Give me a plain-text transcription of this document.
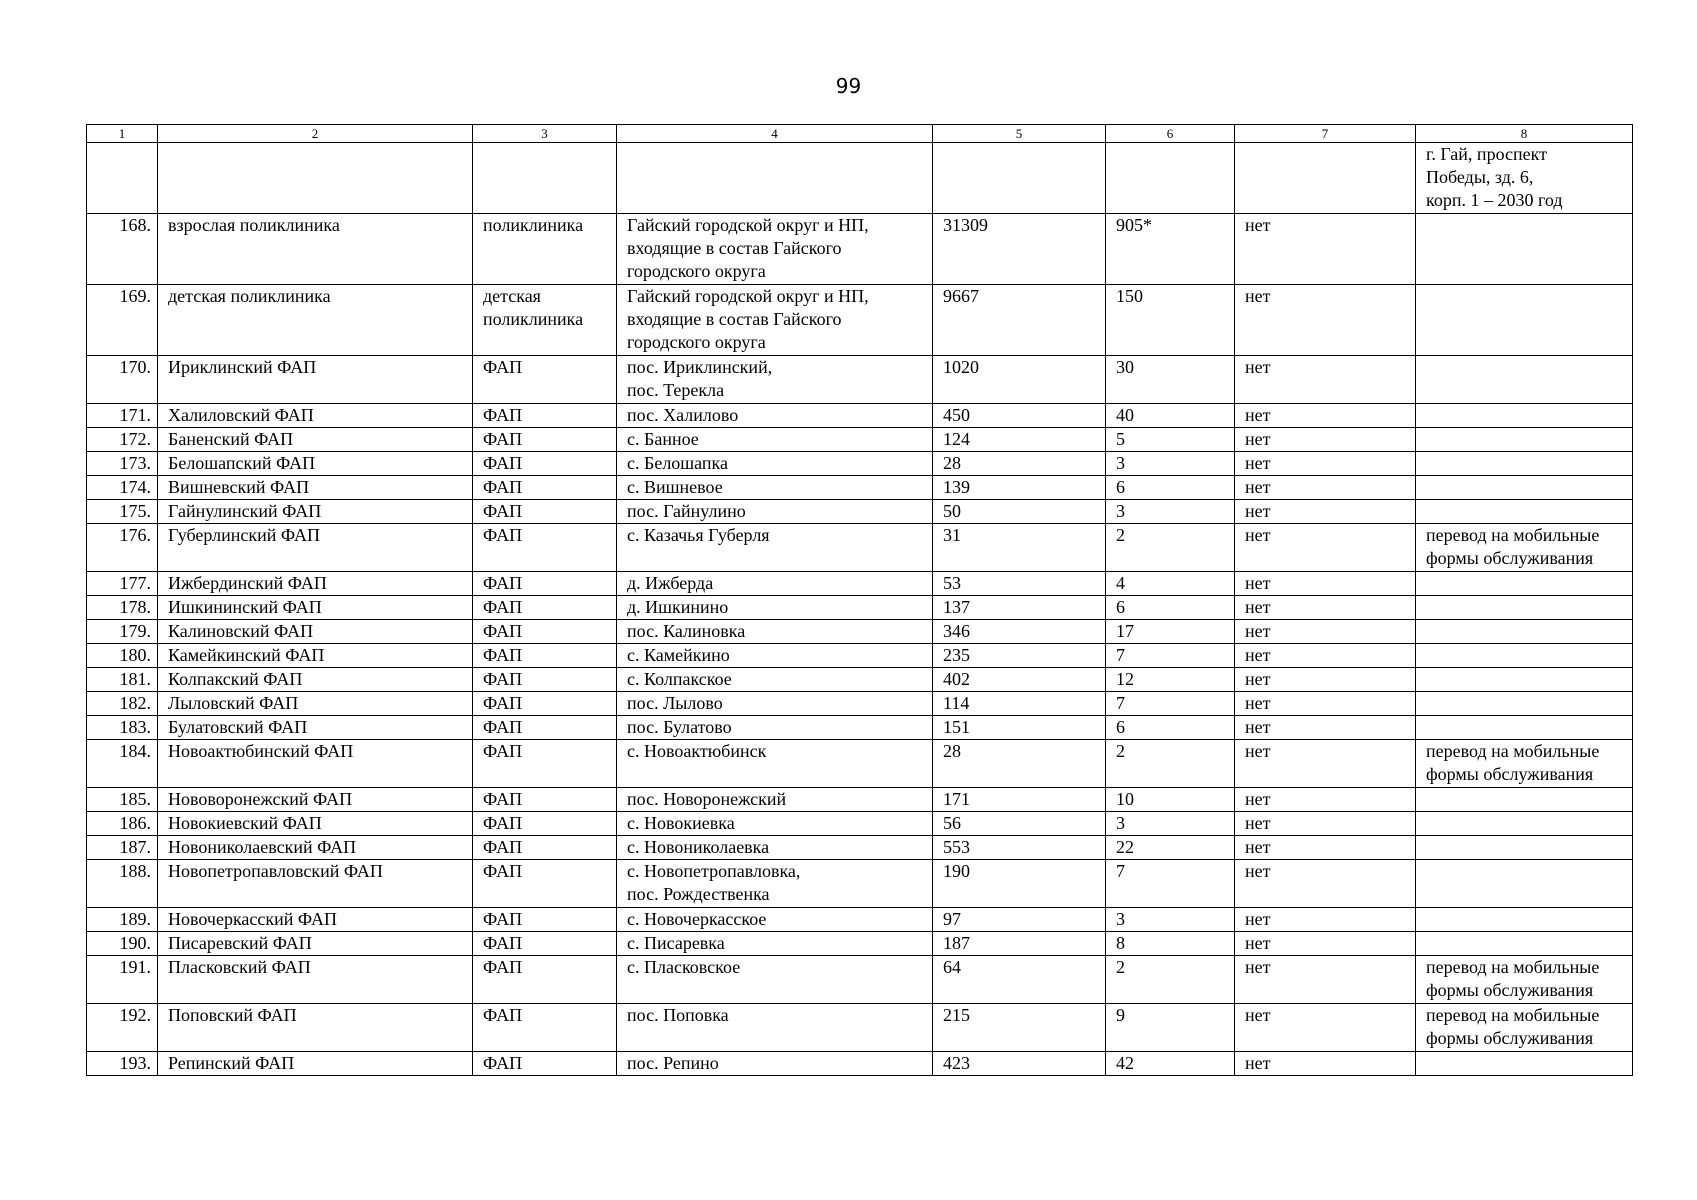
99
1	2	3	4	5	6	7	8
							г. Гай, проспект
Победы, зд. 6,
корп. 1 – 2030 год
168.	взрослая поликлиника	поликлиника	Гайский городской округ и НП,
входящие в состав Гайского
городского округа	31309	905*	нет	
169.	детская поликлиника	детская
поликлиника	Гайский городской округ и НП,
входящие в состав Гайского
городского округа	9667	150	нет	
170.	Ириклинский ФАП	ФАП	пос. Ириклинский,
пос. Терекла	1020	30	нет	
171.	Халиловский ФАП	ФАП	пос. Халилово	450	40	нет	
172.	Баненский ФАП	ФАП	с. Банное	124	5	нет	
173.	Белошапский ФАП	ФАП	с. Белошапка	28	3	нет	
174.	Вишневский ФАП	ФАП	с. Вишневое	139	6	нет	
175.	Гайнулинский ФАП	ФАП	пос. Гайнулино	50	3	нет	
176.	Губерлинский ФАП	ФАП	с. Казачья Губерля	31	2	нет	перевод на мобильные
формы обслуживания
177.	Ижбердинский ФАП	ФАП	д. Ижберда	53	4	нет	
178.	Ишкининский ФАП	ФАП	д. Ишкинино	137	6	нет	
179.	Калиновский ФАП	ФАП	пос. Калиновка	346	17	нет	
180.	Камейкинский ФАП	ФАП	с. Камейкино	235	7	нет	
181.	Колпакский ФАП	ФАП	с. Колпакское	402	12	нет	
182.	Лыловский ФАП	ФАП	пос. Лылово	114	7	нет	
183.	Булатовский ФАП	ФАП	пос. Булатово	151	6	нет	
184.	Новоактюбинский ФАП	ФАП	с. Новоактюбинск	28	2	нет	перевод на мобильные
формы обслуживания
185.	Нововоронежский ФАП	ФАП	пос. Новоронежский	171	10	нет	
186.	Новокиевский ФАП	ФАП	с. Новокиевка	56	3	нет	
187.	Новониколаевский ФАП	ФАП	с. Новониколаевка	553	22	нет	
188.	Новопетропавловский ФАП	ФАП	с. Новопетропавловка,
пос. Рождественка	190	7	нет	
189.	Новочеркасский ФАП	ФАП	с. Новочеркасское	97	3	нет	
190.	Писаревский ФАП	ФАП	с. Писаревка	187	8	нет	
191.	Пласковский ФАП	ФАП	с. Пласковское	64	2	нет	перевод на мобильные
формы обслуживания
192.	Поповский ФАП	ФАП	пос. Поповка	215	9	нет	перевод на мобильные
формы обслуживания
193.	Репинский ФАП	ФАП	пос. Репино	423	42	нет	
